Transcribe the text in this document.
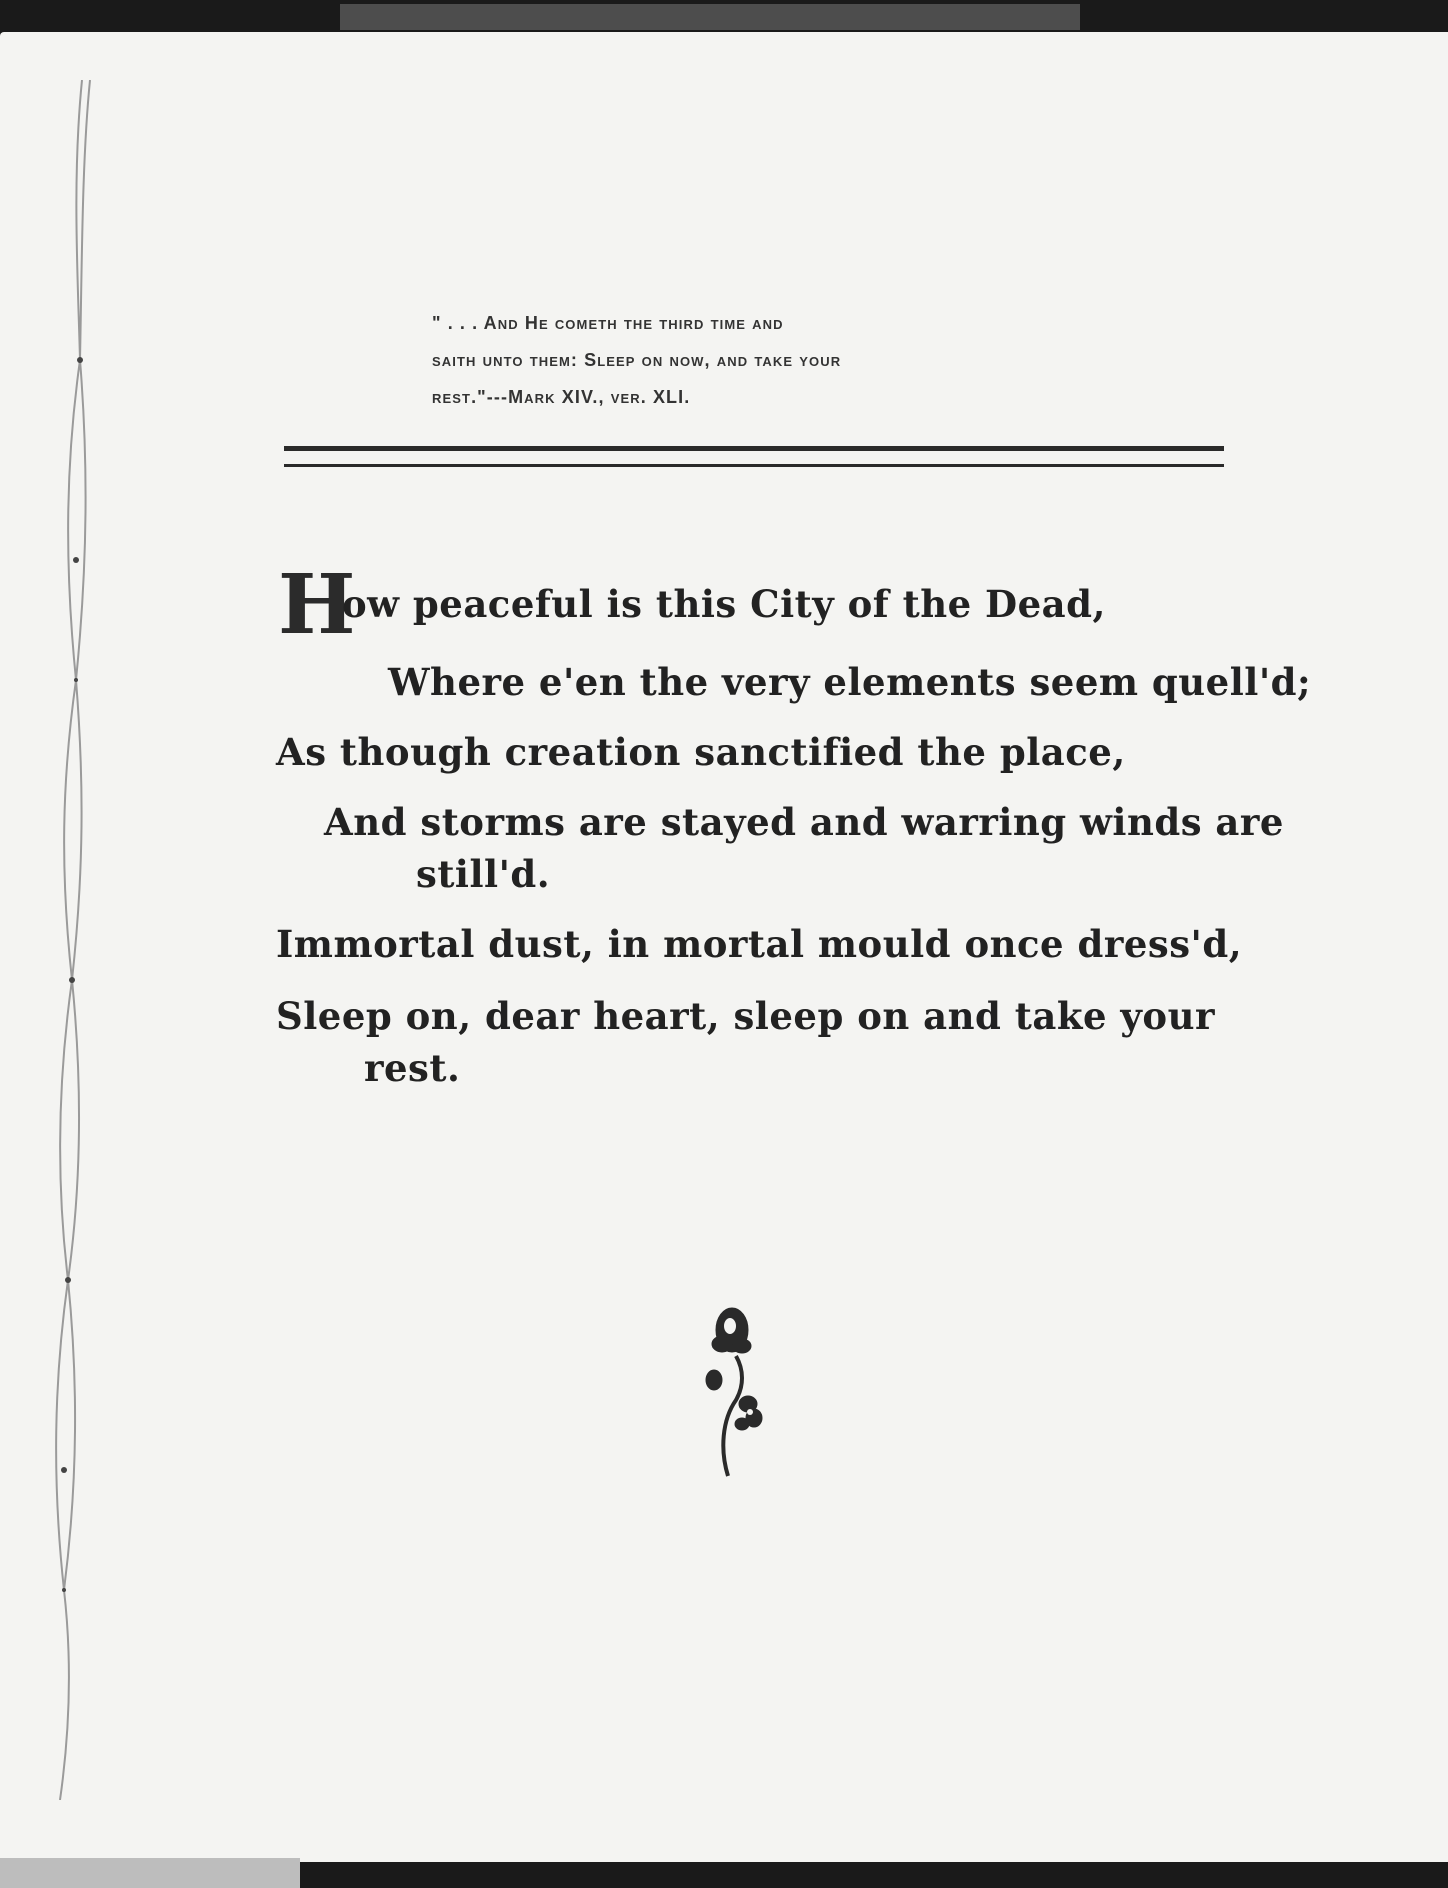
" . . . And He cometh the third time and
saith unto them: Sleep on now, and take your
rest."---Mark XIV., ver. XLI.
H
ow peaceful is this City of the Dead,
Where e'en the very elements seem quell'd;
As though creation sanctified the place,
And storms are stayed and warring winds are
still'd.
Immortal dust, in mortal mould once dress'd,
Sleep on, dear heart, sleep on and take your
rest.
